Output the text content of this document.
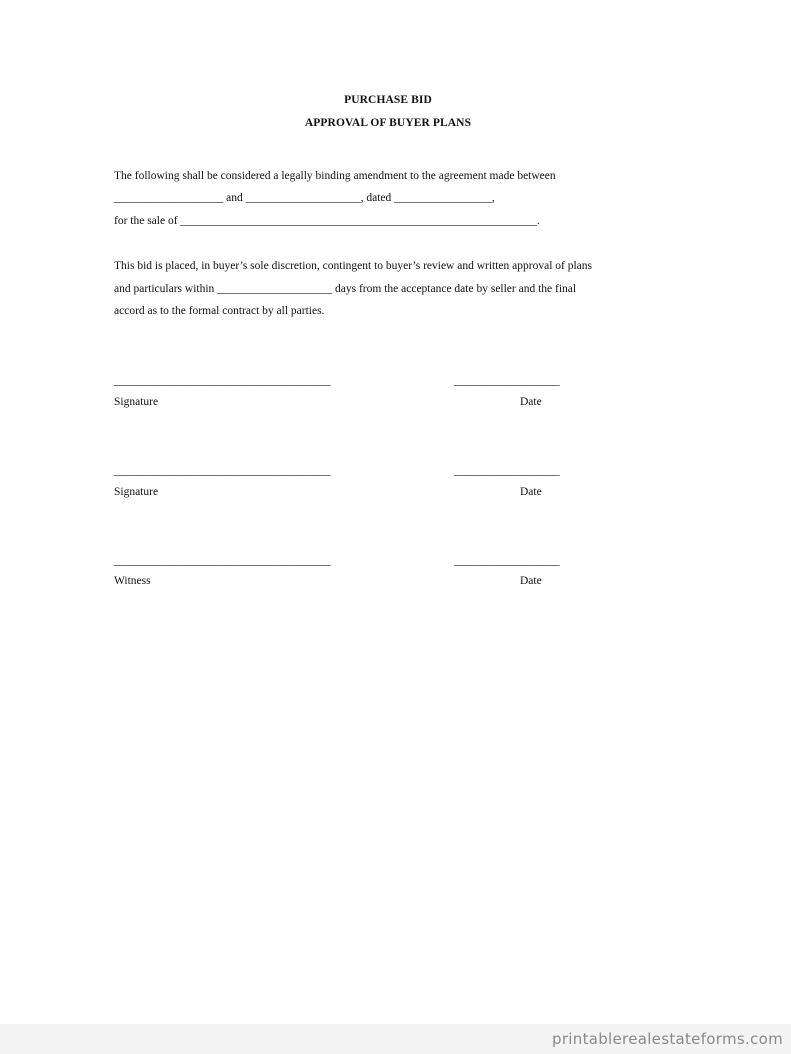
PURCHASE BID
APPROVAL OF BUYER PLANS
The following shall be considered a legally binding amendment to the agreement made between
___________________ and ____________________, dated _________________,
for the sale of ______________________________________________________________.
This bid is placed, in buyer’s sole discretion, contingent to buyer’s review and written approval of plans
and particulars within ____________________ days from the acceptance date by seller and the final
accord as to the formal contract by all parties.
_______________________________________	___________________
Signature	Date
_______________________________________	___________________
Signature	Date
_______________________________________	___________________
Witness	Date
printablerealestateforms.com
